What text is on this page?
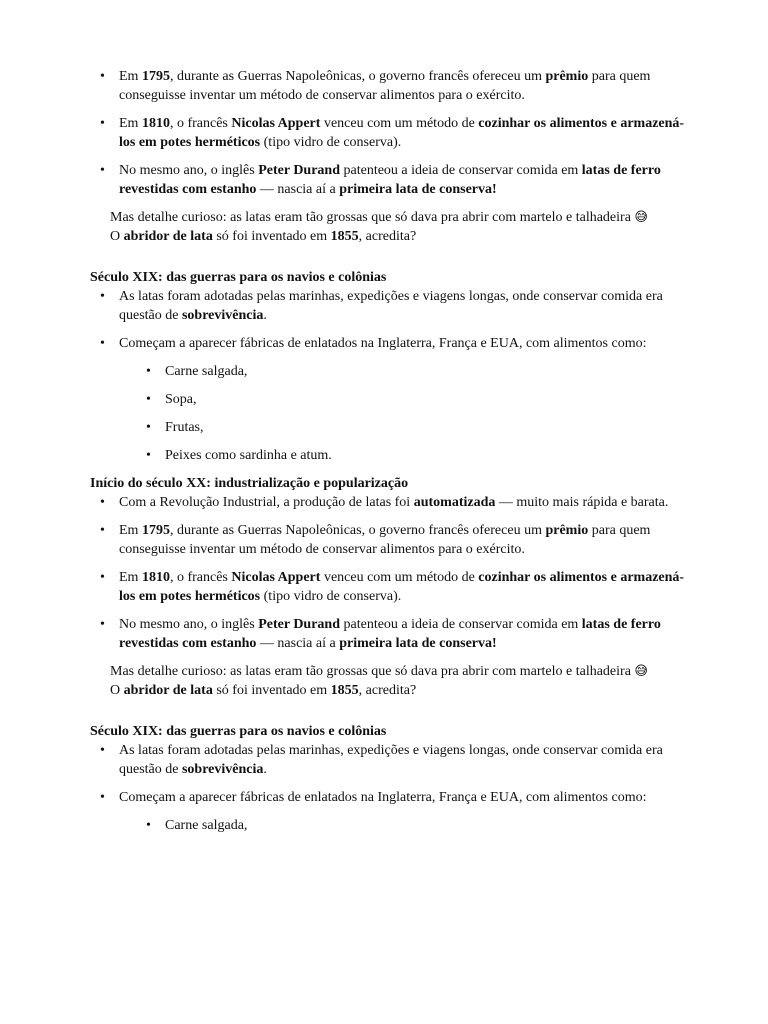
• Em 1795, durante as Guerras Napoleônicas, o governo francês ofereceu um prêmio para quem conseguisse inventar um método de conservar alimentos para o exército.
• Em 1810, o francês Nicolas Appert venceu com um método de cozinhar os alimentos e armazená-los em potes herméticos (tipo vidro de conserva).
• No mesmo ano, o inglês Peter Durand patenteou a ideia de conservar comida em latas de ferro revestidas com estanho — nascia aí a primeira lata de conserva!

Mas detalhe curioso: as latas eram tão grossas que só dava pra abrir com martelo e talhadeira 😅

O abridor de lata só foi inventado em 1855, acredita?

Século XIX: das guerras para os navios e colônias
• As latas foram adotadas pelas marinhas, expedições e viagens longas, onde conservar comida era questão de sobrevivência.
• Começam a aparecer fábricas de enlatados na Inglaterra, França e EUA, com alimentos como:
• Carne salgada,
• Sopa,
• Frutas,
• Peixes como sardinha e atum.
Início do século XX: industrialização e popularização
• Com a Revolução Industrial, a produção de latas foi automatizada — muito mais rápida e barata.
• Em 1795, durante as Guerras Napoleônicas, o governo francês ofereceu um prêmio para quem conseguisse inventar um método de conservar alimentos para o exército.
• Em 1810, o francês Nicolas Appert venceu com um método de cozinhar os alimentos e armazená-los em potes herméticos (tipo vidro de conserva).
• No mesmo ano, o inglês Peter Durand patenteou a ideia de conservar comida em latas de ferro revestidas com estanho — nascia aí a primeira lata de conserva!

Mas detalhe curioso: as latas eram tão grossas que só dava pra abrir com martelo e talhadeira 😅

O abridor de lata só foi inventado em 1855, acredita?

Século XIX: das guerras para os navios e colônias
• As latas foram adotadas pelas marinhas, expedições e viagens longas, onde conservar comida era questão de sobrevivência.
• Começam a aparecer fábricas de enlatados na Inglaterra, França e EUA, com alimentos como:
• Carne salgada,
